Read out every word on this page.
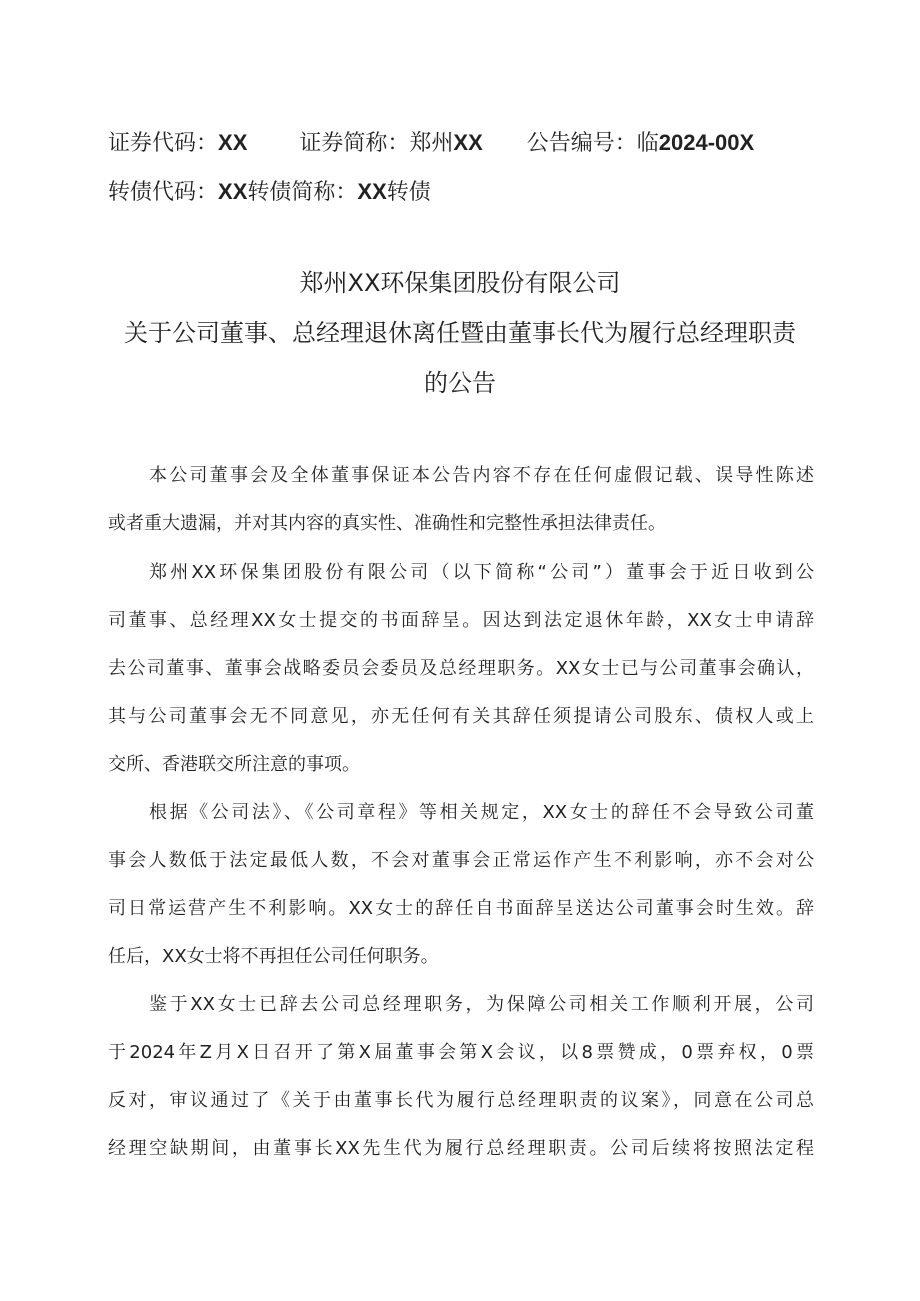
证券代码：XX 证券简称：郑州XX 公告编号：临2024-00X
转债代码：XX转债简称：XX转债
郑州XX环保集团股份有限公司
关于公司董事、总经理退休离任暨由董事长代为履行总经理职责
的公告
本公司董事会及全体董事保证本公告内容不存在任何虚假记载、误导性陈述
或者重大遗漏，并对其内容的真实性、准确性和完整性承担法律责任。
郑州XX环保集团股份有限公司（以下简称“公司”）董事会于近日收到公
司董事、总经理XX女士提交的书面辞呈。因达到法定退休年龄，XX女士申请辞
去公司董事、董事会战略委员会委员及总经理职务。XX女士已与公司董事会确认，
其与公司董事会无不同意见，亦无任何有关其辞任须提请公司股东、债权人或上
交所、香港联交所注意的事项。
根据《公司法》、《公司章程》等相关规定，XX女士的辞任不会导致公司董
事会人数低于法定最低人数，不会对董事会正常运作产生不利影响，亦不会对公
司日常运营产生不利影响。XX女士的辞任自书面辞呈送达公司董事会时生效。辞
任后，XX女士将不再担任公司任何职务。
鉴于XX女士已辞去公司总经理职务，为保障公司相关工作顺利开展，公司
于2024年Z月X日召开了第X届董事会第X会议，以8票赞成，0票弃权，0票
反对，审议通过了《关于由董事长代为履行总经理职责的议案》，同意在公司总
经理空缺期间，由董事长XX先生代为履行总经理职责。公司后续将按照法定程
